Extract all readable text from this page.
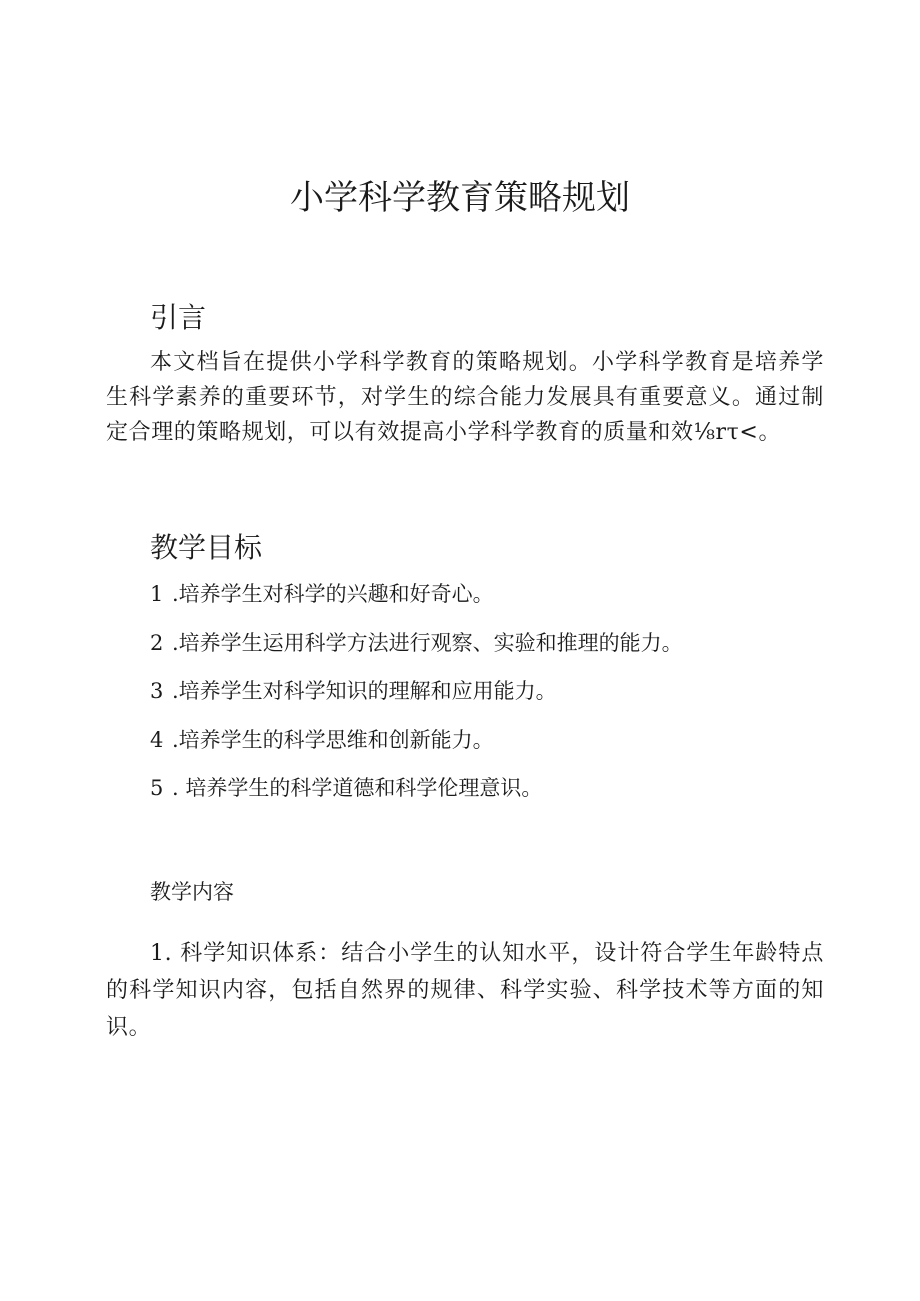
小学科学教育策略规划
引言
本文档旨在提供小学科学教育的策略规划。小学科学教育是培养学生科学素养的重要环节，对学生的综合能力发展具有重要意义。通过制定合理的策略规划，可以有效提高小学科学教育的质量和效⅛rτ<。
教学目标
1 .培养学生对科学的兴趣和好奇心。
2 .培养学生运用科学方法进行观察、实验和推理的能力。
3 .培养学生对科学知识的理解和应用能力。
4 .培养学生的科学思维和创新能力。
5 . 培养学生的科学道德和科学伦理意识。
教学内容
1. 科学知识体系：结合小学生的认知水平，设计符合学生年龄特点的科学知识内容，包括自然界的规律、科学实验、科学技术等方面的知识。
